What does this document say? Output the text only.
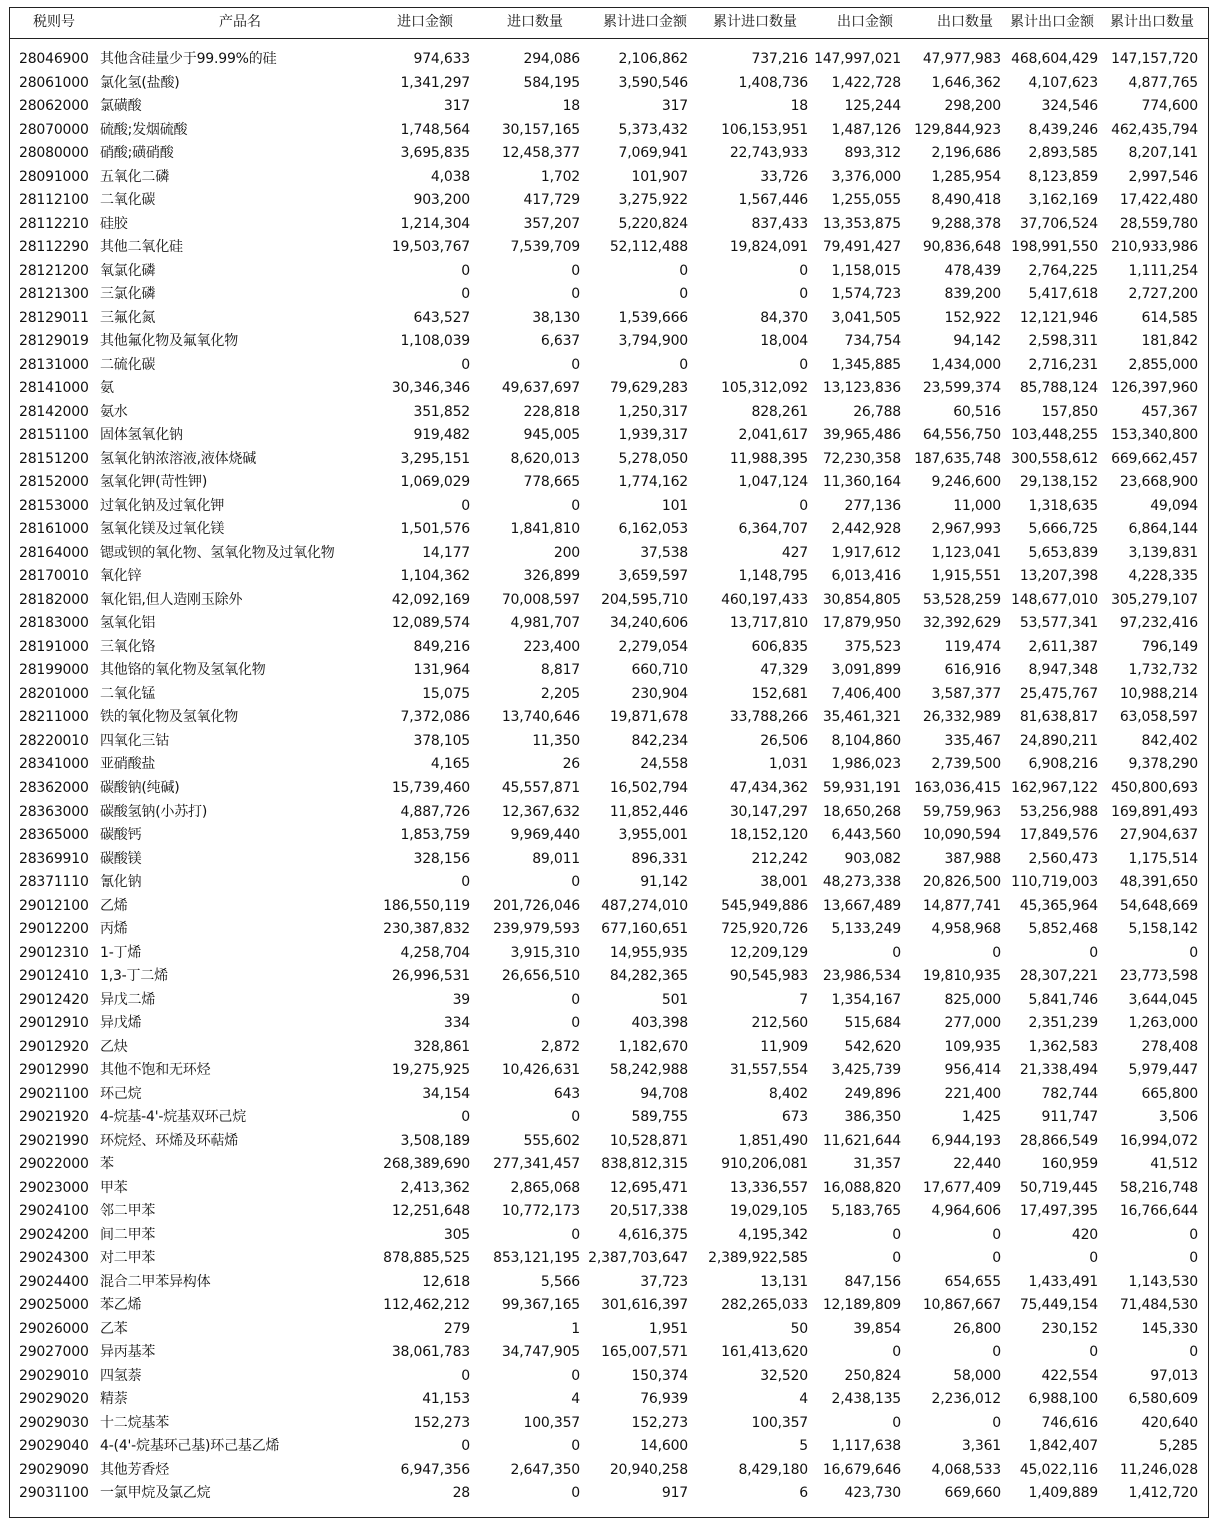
税则号	产品名	进口金额	进口数量	累计进口金额	累计进口数量	出口金额	出口数量	累计出口金额	累计出口数量
28046900 其他含硅量少于99.99%的硅	974,633	294,086	2,106,862	737,216 147,997,021	47,977,983 468,604,429 147,157,720
28061000 氯化氢(盐酸)	1,341,297	584,195	3,590,546	1,408,736	1,422,728	1,646,362	4,107,623	4,877,765
28062000 氯磺酸	317	18	317	18	125,244	298,200	324,546	774,600
28070000 硫酸;发烟硫酸	1,748,564	30,157,165	5,373,432	106,153,951	1,487,126 129,844,923	8,439,246 462,435,794
28080000 硝酸;磺硝酸	3,695,835	12,458,377	7,069,941	22,743,933	893,312	2,196,686	2,893,585	8,207,141
28091000 五氧化二磷	4,038	1,702	101,907	33,726	3,376,000	1,285,954	8,123,859	2,997,546
28112100 二氧化碳	903,200	417,729	3,275,922	1,567,446	1,255,055	8,490,418	3,162,169	17,422,480
28112210 硅胶	1,214,304	357,207	5,220,824	837,433	13,353,875	9,288,378	37,706,524	28,559,780
28112290 其他二氧化硅	19,503,767	7,539,709	52,112,488	19,824,091	79,491,427	90,836,648 198,991,550 210,933,986
28121200 氧氯化磷	0	0	0	0	1,158,015	478,439	2,764,225	1,111,254
28121300 三氯化磷	0	0	0	0	1,574,723	839,200	5,417,618	2,727,200
28129011 三氟化氮	643,527	38,130	1,539,666	84,370	3,041,505	152,922	12,121,946	614,585
28129019 其他氟化物及氟氧化物	1,108,039	6,637	3,794,900	18,004	734,754	94,142	2,598,311	181,842
28131000 二硫化碳	0	0	0	0	1,345,885	1,434,000	2,716,231	2,855,000
28141000 氨	30,346,346	49,637,697	79,629,283	105,312,092	13,123,836	23,599,374	85,788,124 126,397,960
28142000 氨水	351,852	228,818	1,250,317	828,261	26,788	60,516	157,850	457,367
28151100 固体氢氧化钠	919,482	945,005	1,939,317	2,041,617	39,965,486	64,556,750 103,448,255 153,340,800
28151200 氢氧化钠浓溶液,液体烧碱	3,295,151	8,620,013	5,278,050	11,988,395	72,230,358 187,635,748 300,558,612 669,662,457
28152000 氢氧化钾(苛性钾)	1,069,029	778,665	1,774,162	1,047,124	11,360,164	9,246,600	29,138,152	23,668,900
28153000 过氧化钠及过氧化钾	0	0	101	0	277,136	11,000	1,318,635	49,094
28161000 氢氧化镁及过氧化镁	1,501,576	1,841,810	6,162,053	6,364,707	2,442,928	2,967,993	5,666,725	6,864,144
28164000 锶或钡的氧化物、氢氧化物及过氧化物	14,177	200	37,538	427	1,917,612	1,123,041	5,653,839	3,139,831
28170010 氧化锌	1,104,362	326,899	3,659,597	1,148,795	6,013,416	1,915,551	13,207,398	4,228,335
28182000 氧化铝,但人造刚玉除外	42,092,169	70,008,597	204,595,710	460,197,433	30,854,805	53,528,259 148,677,010 305,279,107
28183000 氢氧化铝	12,089,574	4,981,707	34,240,606	13,717,810	17,879,950	32,392,629	53,577,341	97,232,416
28191000 三氧化铬	849,216	223,400	2,279,054	606,835	375,523	119,474	2,611,387	796,149
28199000 其他铬的氧化物及氢氧化物	131,964	8,817	660,710	47,329	3,091,899	616,916	8,947,348	1,732,732
28201000 二氧化锰	15,075	2,205	230,904	152,681	7,406,400	3,587,377	25,475,767	10,988,214
28211000 铁的氧化物及氢氧化物	7,372,086	13,740,646	19,871,678	33,788,266	35,461,321	26,332,989	81,638,817	63,058,597
28220010 四氧化三钴	378,105	11,350	842,234	26,506	8,104,860	335,467	24,890,211	842,402
28341000 亚硝酸盐	4,165	26	24,558	1,031	1,986,023	2,739,500	6,908,216	9,378,290
28362000 碳酸钠(纯碱)	15,739,460	45,557,871	16,502,794	47,434,362	59,931,191 163,036,415 162,967,122 450,800,693
28363000 碳酸氢钠(小苏打)	4,887,726	12,367,632	11,852,446	30,147,297	18,650,268	59,759,963	53,256,988 169,891,493
28365000 碳酸钙	1,853,759	9,969,440	3,955,001	18,152,120	6,443,560	10,090,594	17,849,576	27,904,637
28369910 碳酸镁	328,156	89,011	896,331	212,242	903,082	387,988	2,560,473	1,175,514
28371110 氰化钠	0	0	91,142	38,001	48,273,338	20,826,500 110,719,003	48,391,650
29012100 乙烯	186,550,119	201,726,046	487,274,010	545,949,886	13,667,489	14,877,741	45,365,964	54,648,669
29012200 丙烯	230,387,832	239,979,593	677,160,651	725,920,726	5,133,249	4,958,968	5,852,468	5,158,142
29012310 1-丁烯	4,258,704	3,915,310	14,955,935	12,209,129	0	0	0	0
29012410 1,3-丁二烯	26,996,531	26,656,510	84,282,365	90,545,983	23,986,534	19,810,935	28,307,221	23,773,598
29012420 异戊二烯	39	0	501	7	1,354,167	825,000	5,841,746	3,644,045
29012910 异戊烯	334	0	403,398	212,560	515,684	277,000	2,351,239	1,263,000
29012920 乙炔	328,861	2,872	1,182,670	11,909	542,620	109,935	1,362,583	278,408
29012990 其他不饱和无环烃	19,275,925	10,426,631	58,242,988	31,557,554	3,425,739	956,414	21,338,494	5,979,447
29021100 环己烷	34,154	643	94,708	8,402	249,896	221,400	782,744	665,800
29021920 4-烷基-4'-烷基双环己烷	0	0	589,755	673	386,350	1,425	911,747	3,506
29021990 环烷烃、环烯及环萜烯	3,508,189	555,602	10,528,871	1,851,490	11,621,644	6,944,193	28,866,549	16,994,072
29022000 苯	268,389,690	277,341,457	838,812,315	910,206,081	31,357	22,440	160,959	41,512
29023000 甲苯	2,413,362	2,865,068	12,695,471	13,336,557	16,088,820	17,677,409	50,719,445	58,216,748
29024100 邻二甲苯	12,251,648	10,772,173	20,517,338	19,029,105	5,183,765	4,964,606	17,497,395	16,766,644
29024200 间二甲苯	305	0	4,616,375	4,195,342	0	0	420	0
29024300 对二甲苯	878,885,525	853,121,195 2,387,703,647	2,389,922,585	0	0	0	0
29024400 混合二甲苯异构体	12,618	5,566	37,723	13,131	847,156	654,655	1,433,491	1,143,530
29025000 苯乙烯	112,462,212	99,367,165	301,616,397	282,265,033	12,189,809	10,867,667	75,449,154	71,484,530
29026000 乙苯	279	1	1,951	50	39,854	26,800	230,152	145,330
29027000 异丙基苯	38,061,783	34,747,905	165,007,571	161,413,620	0	0	0	0
29029010 四氢萘	0	0	150,374	32,520	250,824	58,000	422,554	97,013
29029020 精萘	41,153	4	76,939	4	2,438,135	2,236,012	6,988,100	6,580,609
29029030 十二烷基苯	152,273	100,357	152,273	100,357	0	0	746,616	420,640
29029040 4-(4'-烷基环己基)环己基乙烯	0	0	14,600	5	1,117,638	3,361	1,842,407	5,285
29029090 其他芳香烃	6,947,356	2,647,350	20,940,258	8,429,180	16,679,646	4,068,533	45,022,116	11,246,028
29031100 一氯甲烷及氯乙烷	28	0	917	6	423,730	669,660	1,409,889	1,412,720
